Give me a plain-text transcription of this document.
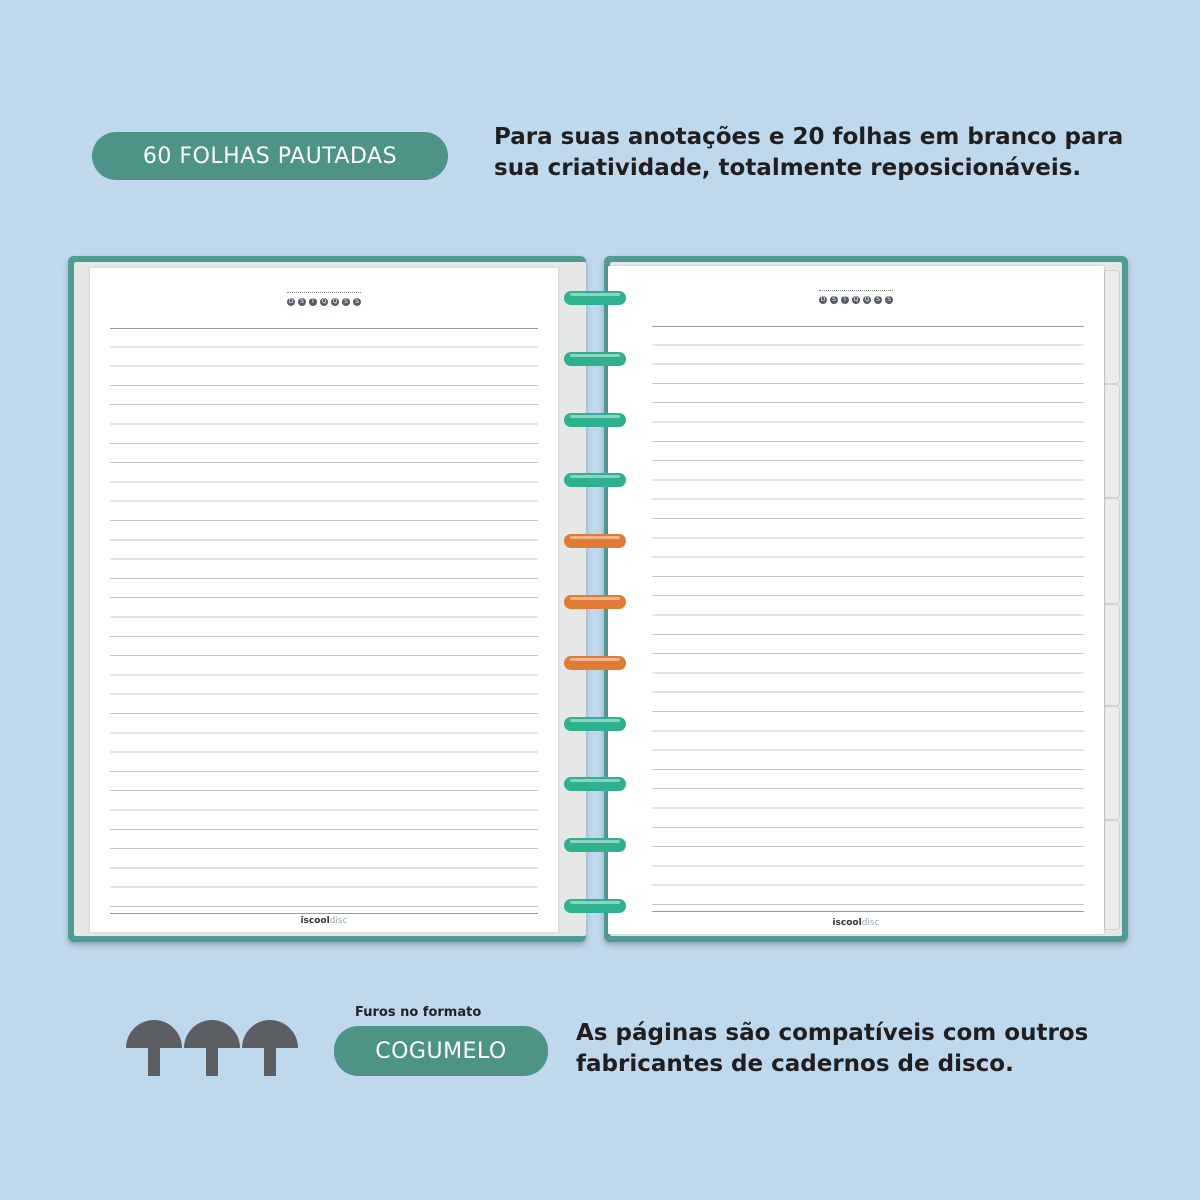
60 FOLHAS PAUTADAS
Para suas anotações e 20 folhas em branco para sua criatividade, totalmente reposicionáveis.
D	S	T	Q Q	S	S
iscooldisc
D	S	T	Q Q	S	S
iscooldisc
Furos no formato
COGUMELO
As páginas são compatíveis com outros fabricantes de cadernos de disco.
